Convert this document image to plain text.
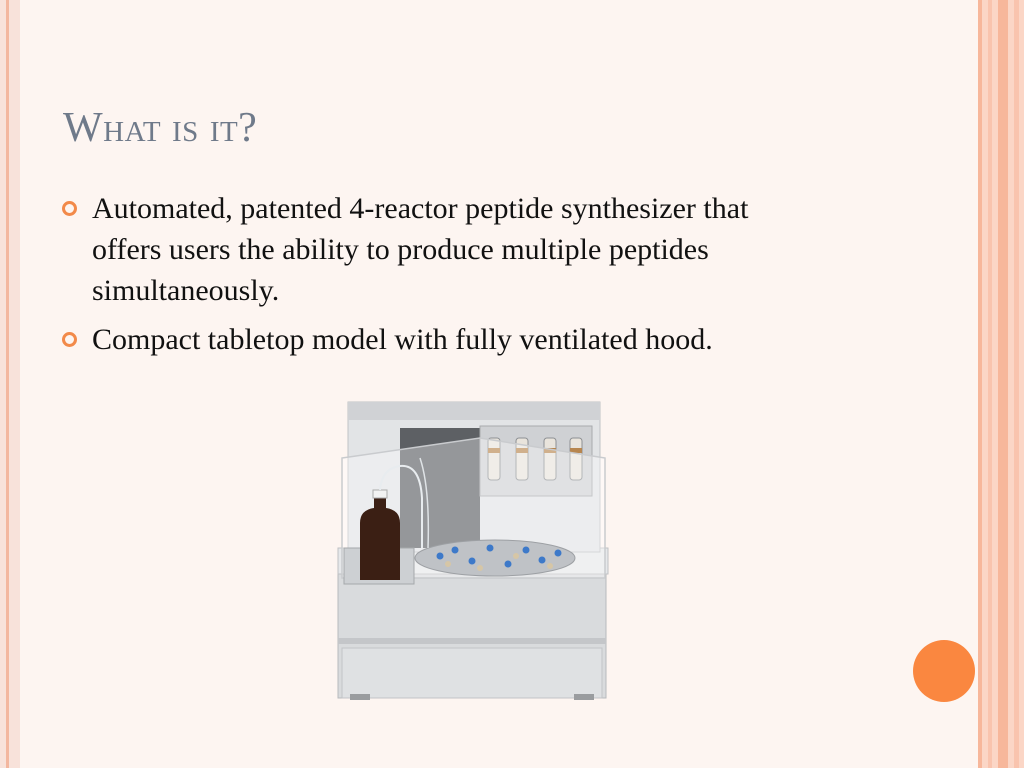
What is it?
Automated, patented 4-reactor peptide synthesizer that offers users the ability to produce multiple peptides simultaneously.
Compact tabletop model with fully ventilated hood.
